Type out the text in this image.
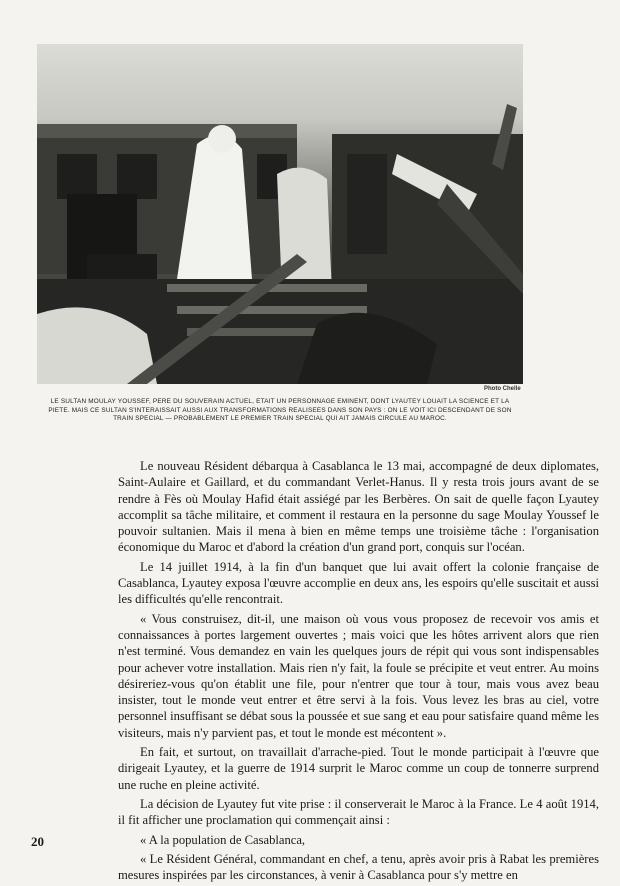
Photo Chelle
LE SULTAN MOULAY YOUSSEF, PERE DU SOUVERAIN ACTUEL, ETAIT UN PERSONNAGE EMINENT, DONT LYAUTEY LOUAIT LA SCIENCE ET LA PIETE. MAIS CE SULTAN S'INTERAISSAIT AUSSI AUX TRANSFORMATIONS REALISEES DANS SON PAYS : ON LE VOIT ICI DESCENDANT DE SON TRAIN SPECIAL — PROBABLEMENT LE PREMIER TRAIN SPECIAL QUI AIT JAMAIS CIRCULE AU MAROC.

Le nouveau Résident débarqua à Casablanca le 13 mai, accompagné de deux diplomates, Saint-Aulaire et Gaillard, et du commandant Verlet-Hanus. Il y resta trois jours avant de se rendre à Fès où Moulay Hafid était assiégé par les Berbères. On sait de quelle façon Lyautey accomplit sa tâche militaire, et comment il restaura en la personne du sage Moulay Youssef le pouvoir sultanien. Mais il mena à bien en même temps une troisième tâche : l'organisation économique du Maroc et d'abord la création d'un grand port, conquis sur l'océan.

Le 14 juillet 1914, à la fin d'un banquet que lui avait offert la colonie française de Casablanca, Lyautey exposa l'œuvre accomplie en deux ans, les espoirs qu'elle suscitait et aussi les difficultés qu'elle rencontrait.

« Vous construisez, dit-il, une maison où vous vous proposez de recevoir vos amis et connaissances à portes largement ouvertes ; mais voici que les hôtes arrivent alors que rien n'est terminé. Vous demandez en vain les quelques jours de répit qui vous sont indispensables pour achever votre installation. Mais rien n'y fait, la foule se précipite et veut entrer. Au moins désireriez-vous qu'on établit une file, pour n'entrer que tour à tour, mais vous avez beau insister, tout le monde veut entrer et être servi à la fois. Vous levez les bras au ciel, votre personnel insuffisant se débat sous la poussée et sue sang et eau pour satisfaire quand même les visiteurs, mais n'y parvient pas, et tout le monde est mécontent ».

En fait, et surtout, on travaillait d'arrache-pied. Tout le monde participait à l'œuvre que dirigeait Lyautey, et la guerre de 1914 surprit le Maroc comme un coup de tonnerre surprend une ruche en pleine activité.

La décision de Lyautey fut vite prise : il conserverait le Maroc à la France. Le 4 août 1914, il fit afficher une proclamation qui commençait ainsi :

« A la population de Casablanca,

« Le Résident Général, commandant en chef, a tenu, après avoir pris à Rabat les premières mesures inspirées par les circonstances, à venir à Casablanca pour s'y mettre en

20
